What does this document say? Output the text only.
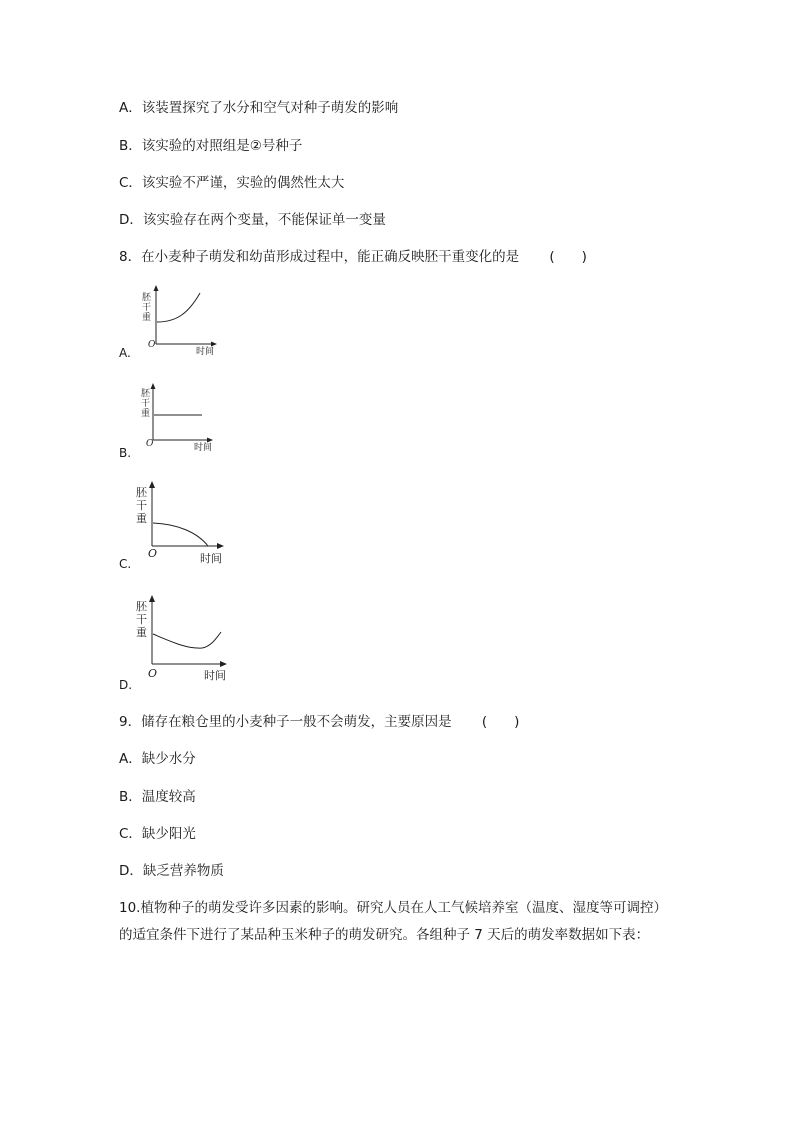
A．该装置探究了水分和空气对种子萌发的影响
B．该实验的对照组是②号种子
C．该实验不严谨，实验的偶然性太大
D．该实验存在两个变量，不能保证单一变量
8．在小麦种子萌发和幼苗形成过程中，能正确反映胚干重变化的是 (　　)
胚
干
重
O
时间
A.
胚
干
重
O	时间
B.
胚
干
重
O	时间
C.
胚
干
重
O	时间
D.
9．储存在粮仓里的小麦种子一般不会萌发，主要原因是 (　　)
A．缺少水分
B．温度较高
C．缺少阳光
D．缺乏营养物质
10.植物种子的萌发受许多因素的影响。研究人员在人工气候培养室（温度、湿度等可调控）
的适宜条件下进行了某品种玉米种子的萌发研究。各组种子 7 天后的萌发率数据如下表：
